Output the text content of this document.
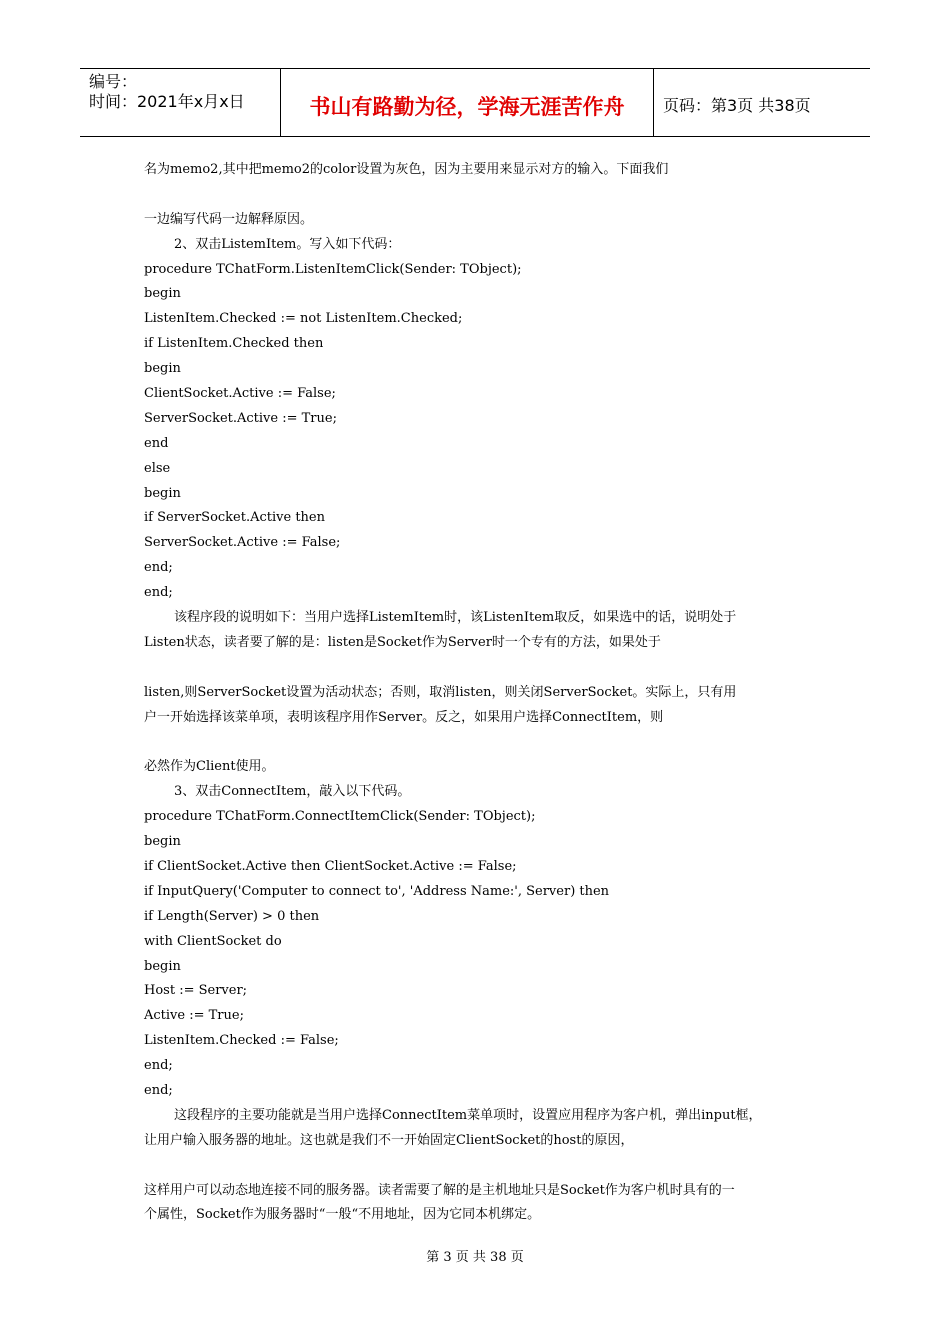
编号：
时间：2021年x月x日	书山有路勤为径，学海无涯苦作舟	页码：第3页 共38页
名为memo2,其中把memo2的color设置为灰色，因为主要用来显示对方的输入。下面我们
一边编写代码一边解释原因。
2、双击ListemItem。写入如下代码：
procedure TChatForm.ListenItemClick(Sender: TObject);
begin
ListenItem.Checked := not ListenItem.Checked;
if ListenItem.Checked then
begin
ClientSocket.Active := False;
ServerSocket.Active := True;
end
else
begin
if ServerSocket.Active then
ServerSocket.Active := False;
end;
end;
该程序段的说明如下：当用户选择ListemItem时，该ListenItem取反，如果选中的话，说明处于
Listen状态，读者要了解的是：listen是Socket作为Server时一个专有的方法，如果处于
listen,则ServerSocket设置为活动状态；否则，取消listen，则关闭ServerSocket。实际上，只有用
户一开始选择该菜单项，表明该程序用作Server。反之，如果用户选择ConnectItem，则
必然作为Client使用。
3、双击ConnectItem，敲入以下代码。
procedure TChatForm.ConnectItemClick(Sender: TObject);
begin
if ClientSocket.Active then ClientSocket.Active := False;
if InputQuery('Computer to connect to', 'Address Name:', Server) then
if Length(Server) > 0 then
with ClientSocket do
begin
Host := Server;
Active := True;
ListenItem.Checked := False;
end;
end;
这段程序的主要功能就是当用户选择ConnectItem菜单项时，设置应用程序为客户机，弹出input框，
让用户输入服务器的地址。这也就是我们不一开始固定ClientSocket的host的原因，
这样用户可以动态地连接不同的服务器。读者需要了解的是主机地址只是Socket作为客户机时具有的一
个属性，Socket作为服务器时“一般“不用地址，因为它同本机绑定。
第 3 页 共 38 页
